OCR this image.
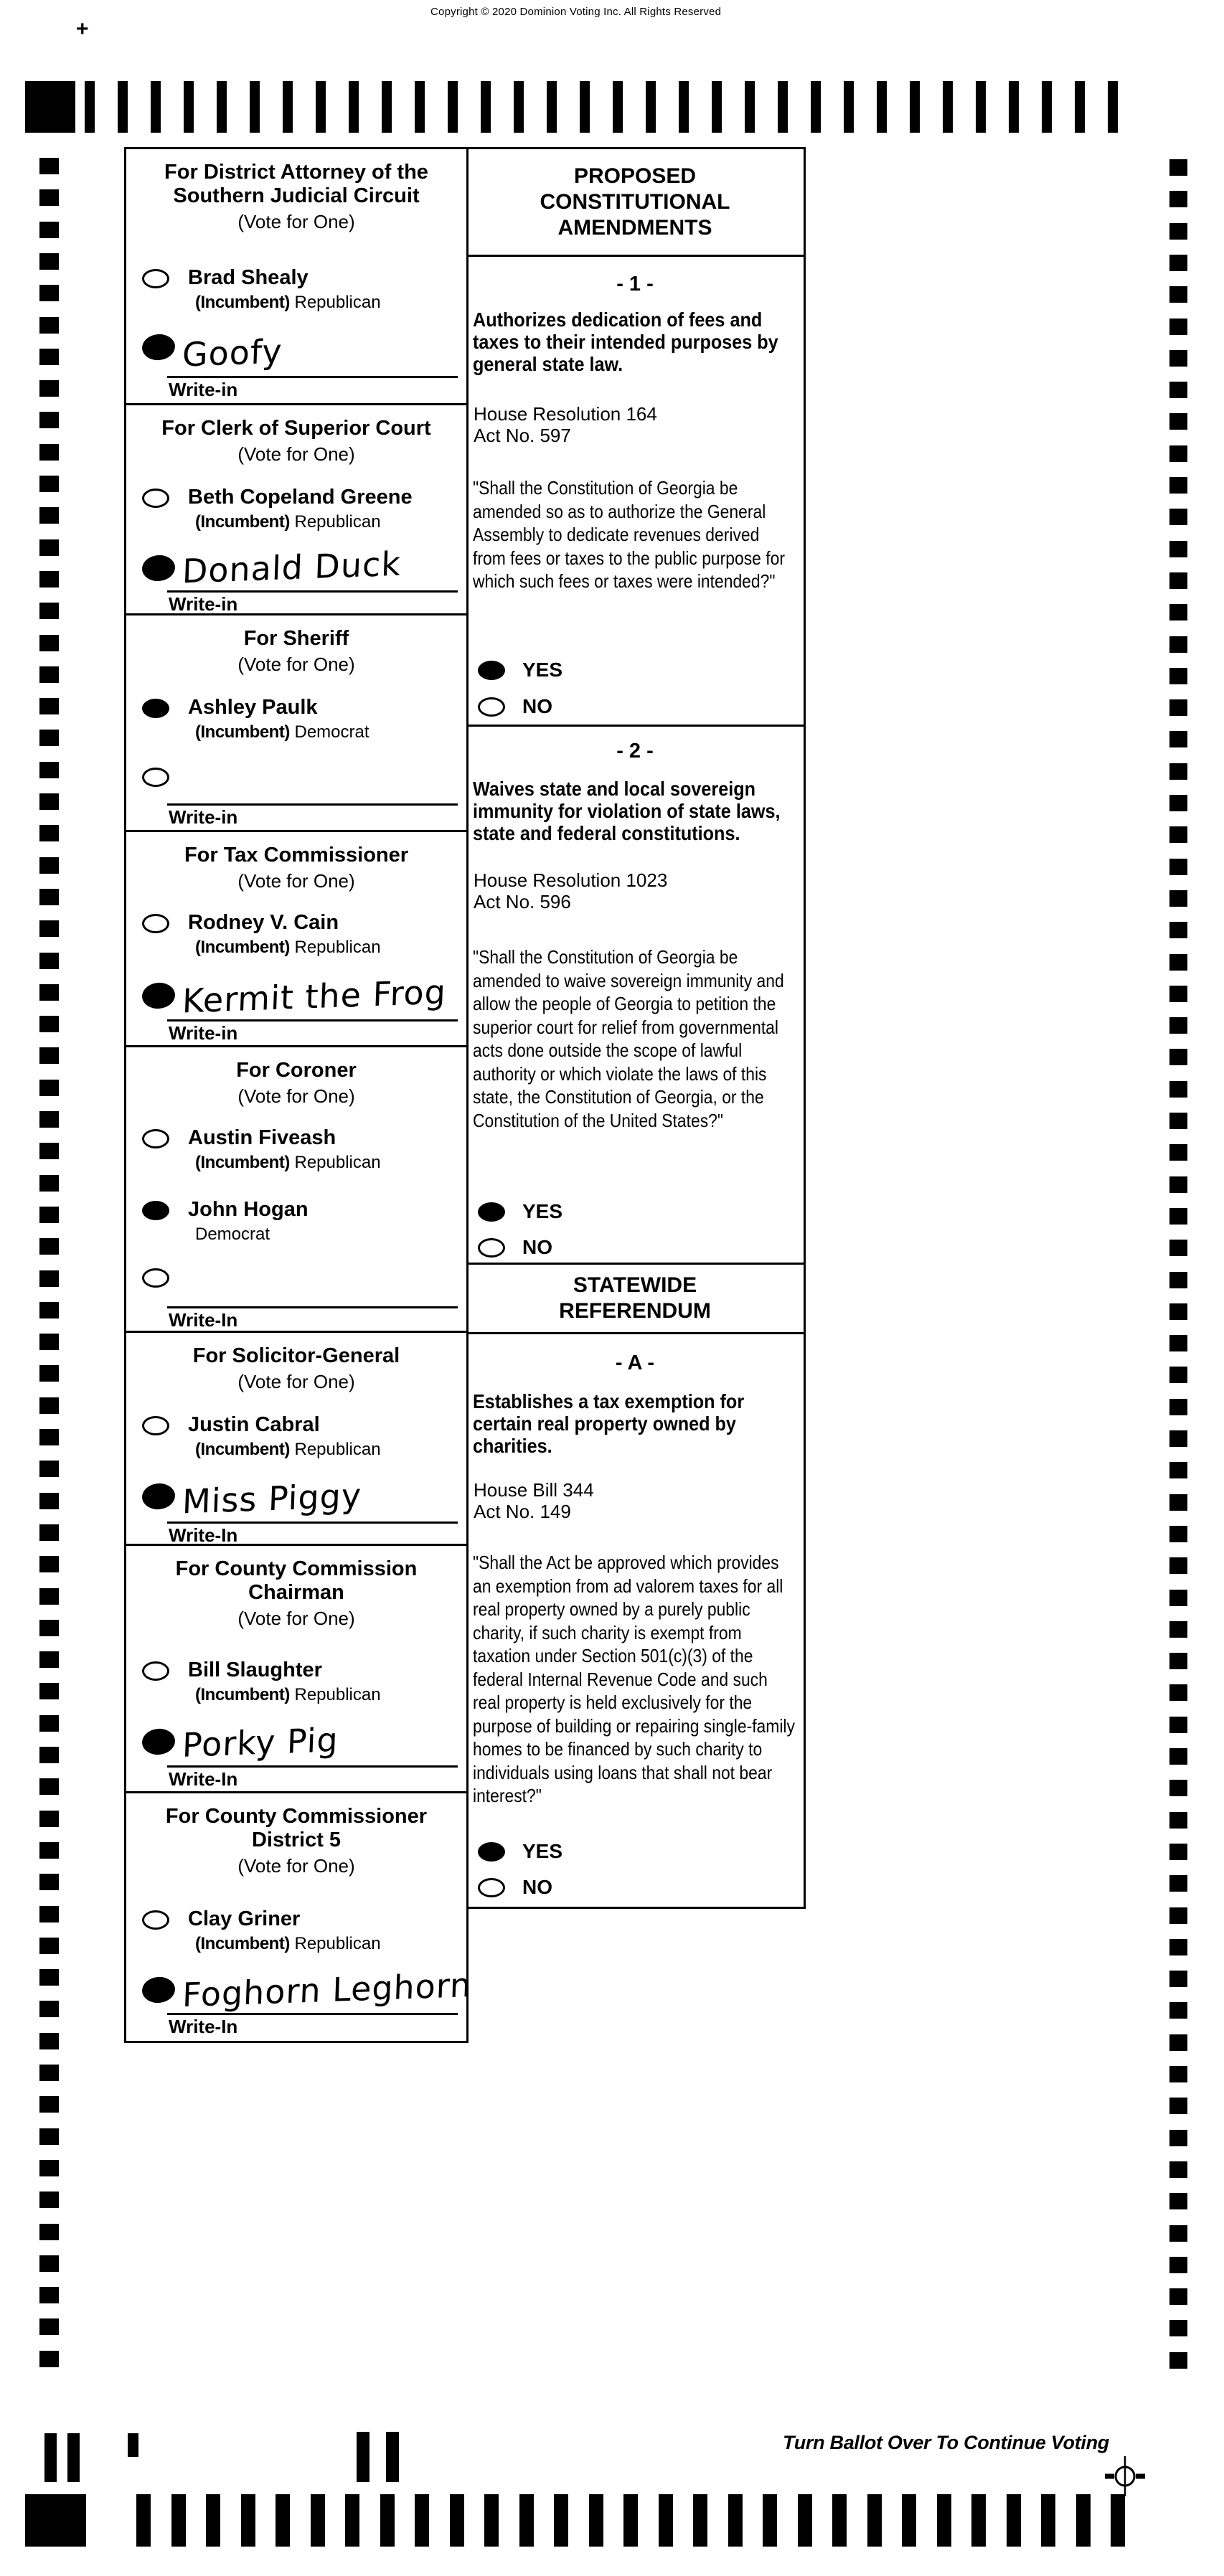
Copyright © 2020 Dominion Voting Inc. All Rights Reserved
+
For District Attorney of the Southern Judicial Circuit
(Vote for One)
Brad Shealy
(Incumbent) Republican
Goofy
Write-in
For Clerk of Superior Court
(Vote for One)
Beth Copeland Greene
(Incumbent) Republican
Donald Duck
Write-in
For Sheriff
(Vote for One)
Ashley Paulk
(Incumbent) Democrat
Write-in
For Tax Commissioner
(Vote for One)
Rodney V. Cain
(Incumbent) Republican
Kermit the Frog
Write-in
For Coroner
(Vote for One)
Austin Fiveash
(Incumbent) Republican
John Hogan
Democrat
Write-In
For Solicitor-General
(Vote for One)
Justin Cabral
(Incumbent) Republican
Miss Piggy
Write-In
For County Commission Chairman
(Vote for One)
Bill Slaughter
(Incumbent) Republican
Porky Pig
Write-In
For County Commissioner District 5
(Vote for One)
Clay Griner
(Incumbent) Republican
Foghorn Leghorn
Write-In
PROPOSED CONSTITUTIONAL AMENDMENTS
STATEWIDE REFERENDUM
- 1 -
Authorizes dedication of fees and taxes to their intended purposes by general state law.
House Resolution 164
Act No. 597
"Shall the Constitution of Georgia be amended so as to authorize the General Assembly to dedicate revenues derived from fees or taxes to the public purpose for which such fees or taxes were intended?"
YES
NO
- 2 -
Waives state and local sovereign immunity for violation of state laws, state and federal constitutions.
House Resolution 1023
Act No. 596
"Shall the Constitution of Georgia be amended to waive sovereign immunity and allow the people of Georgia to petition the superior court for relief from governmental acts done outside the scope of lawful authority or which violate the laws of this state, the Constitution of Georgia, or the Constitution of the United States?"
YES
NO
- A -
Establishes a tax exemption for certain real property owned by charities.
House Bill 344
Act No. 149
"Shall the Act be approved which provides an exemption from ad valorem taxes for all real property owned by a purely public charity, if such charity is exempt from taxation under Section 501(c)(3) of the federal Internal Revenue Code and such real property is held exclusively for the purpose of building or repairing single-family homes to be financed by such charity to individuals using loans that shall not bear interest?"
YES
NO
Turn Ballot Over To Continue Voting
19
